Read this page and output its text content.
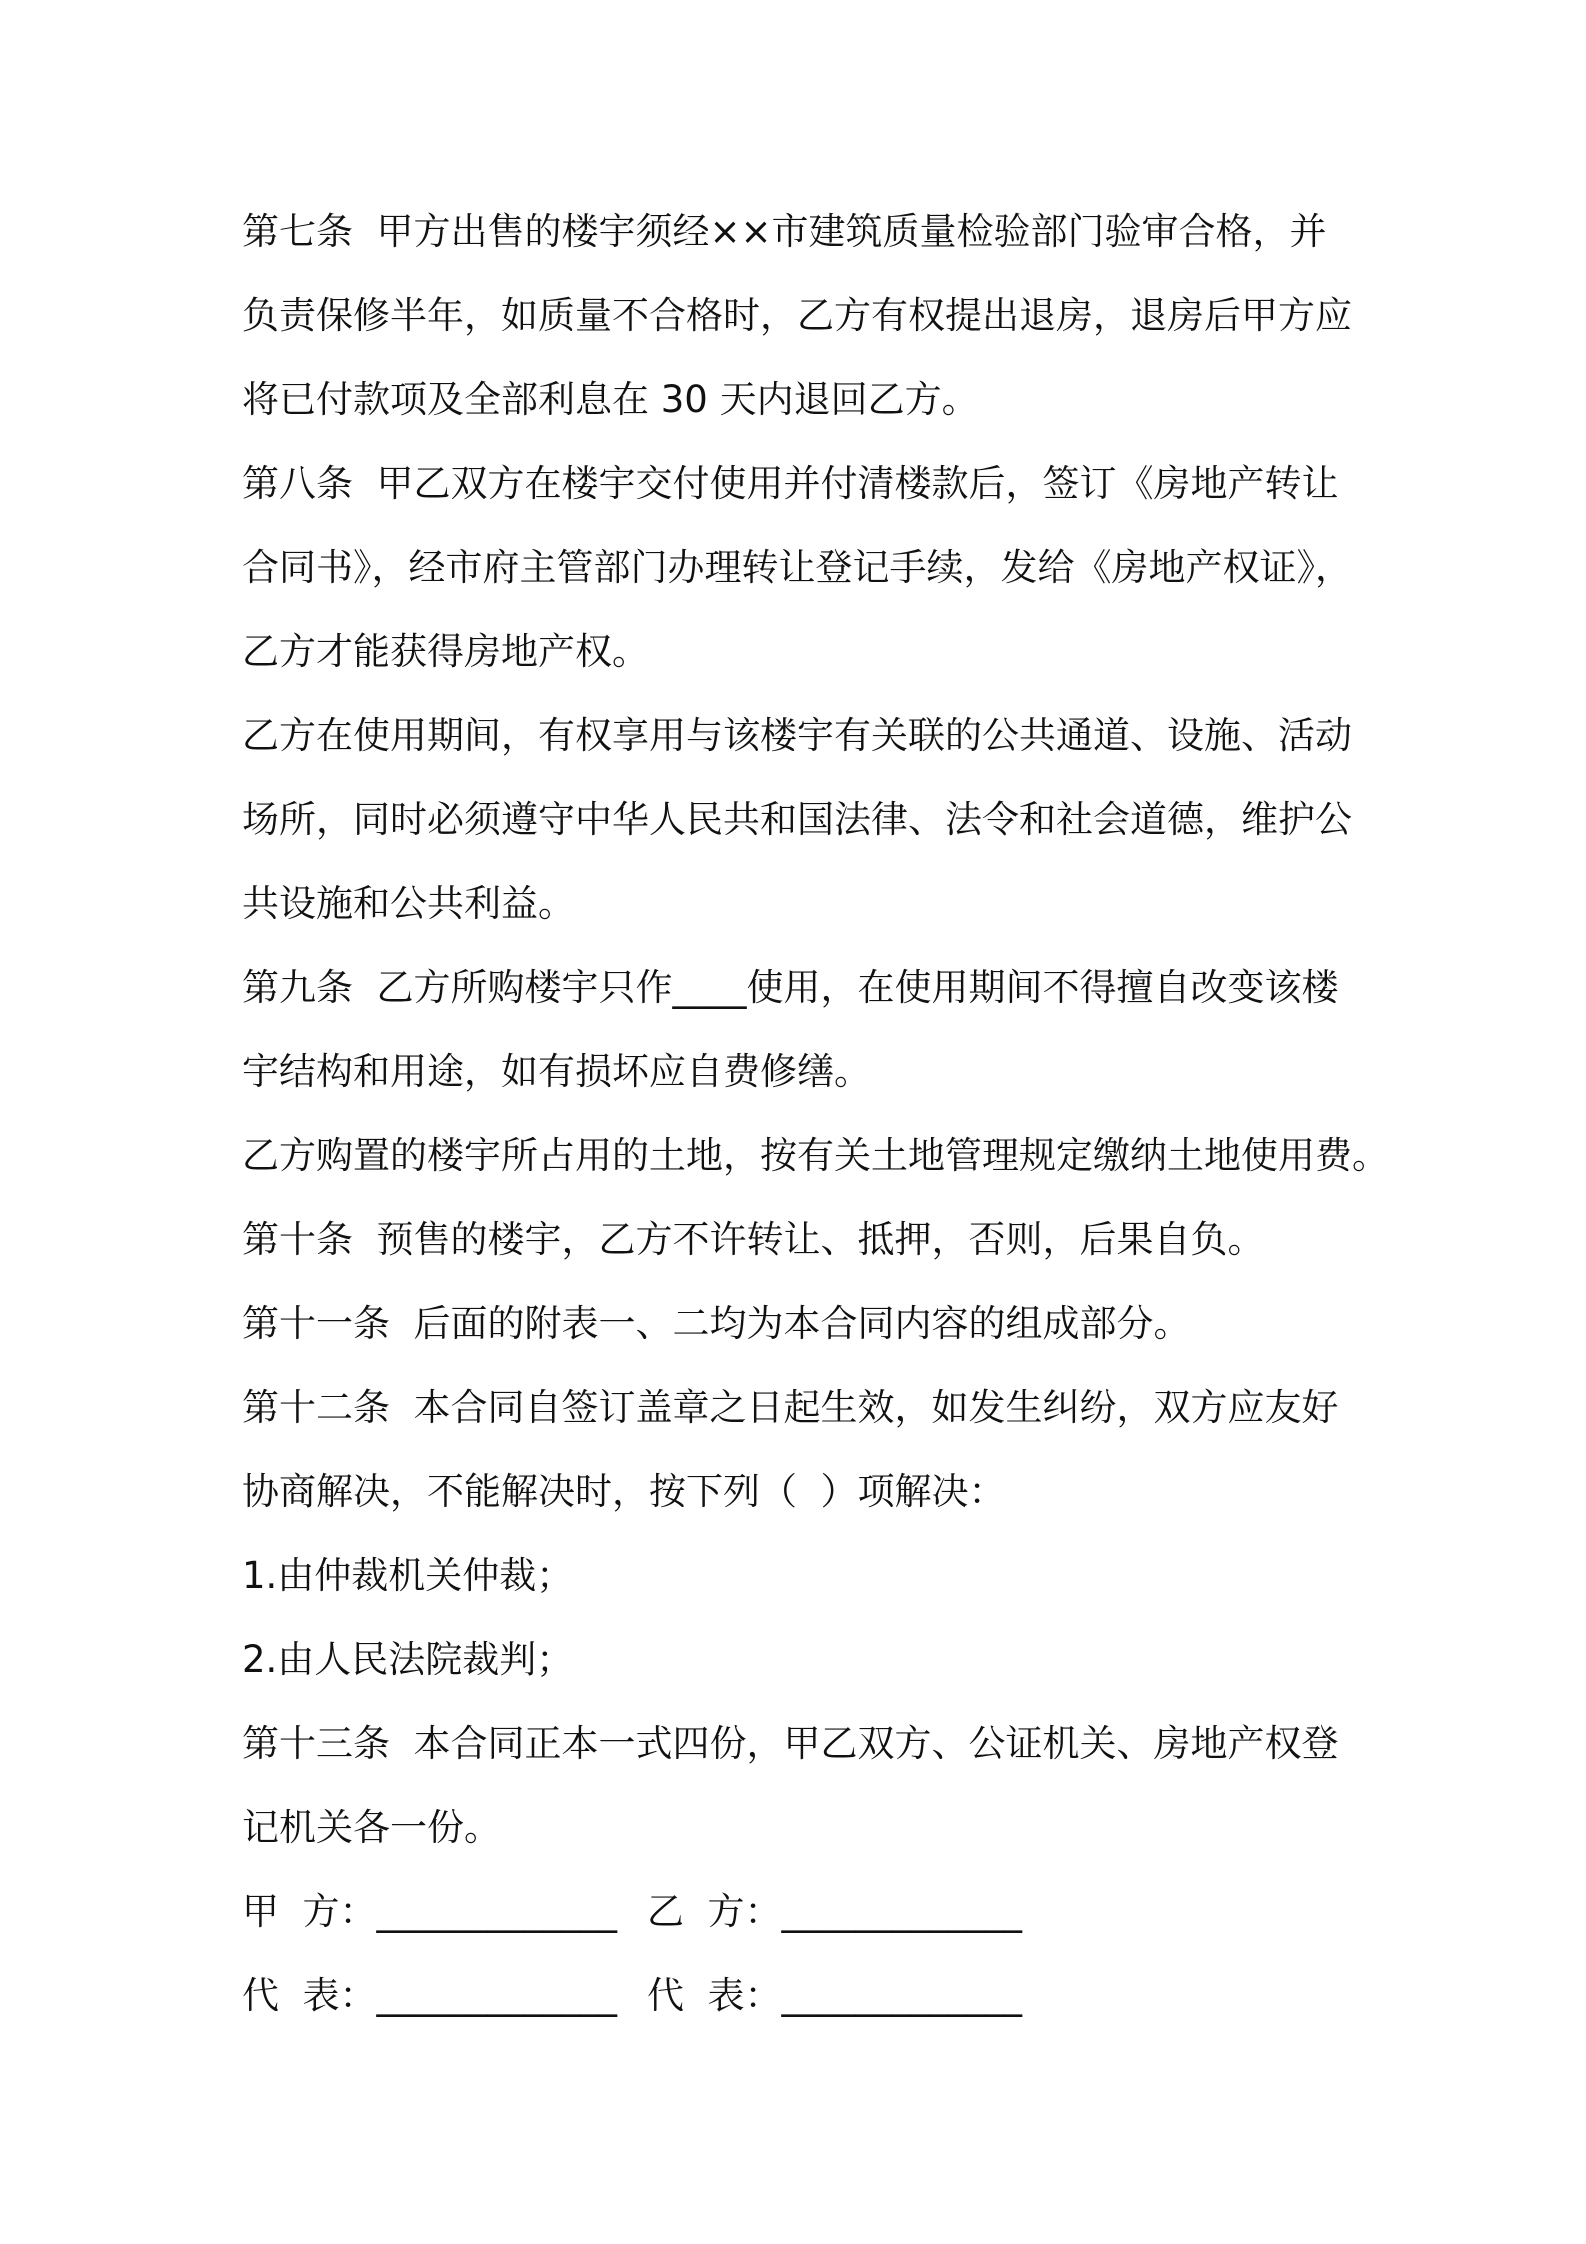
第七条  甲方出售的楼宇须经××市建筑质量检验部门验审合格，并
负责保修半年，如质量不合格时，乙方有权提出退房，退房后甲方应
将已付款项及全部利息在 30 天内退回乙方。
第八条  甲乙双方在楼宇交付使用并付清楼款后，签订《房地产转让
合同书》，经市府主管部门办理转让登记手续，发给《房地产权证》，
乙方才能获得房地产权。
乙方在使用期间，有权享用与该楼宇有关联的公共通道、设施、活动
场所，同时必须遵守中华人民共和国法律、法令和社会道德，维护公
共设施和公共利益。
第九条  乙方所购楼宇只作____使用，在使用期间不得擅自改变该楼
宇结构和用途，如有损坏应自费修缮。
乙方购置的楼宇所占用的土地，按有关土地管理规定缴纳土地使用费。
第十条  预售的楼宇，乙方不许转让、抵押，否则，后果自负。
第十一条  后面的附表一、二均为本合同内容的组成部分。
第十二条  本合同自签订盖章之日起生效，如发生纠纷，双方应友好
协商解决，不能解决时，按下列（  ）项解决：
1.由仲裁机关仲裁；
2.由人民法院裁判；
第十三条  本合同正本一式四份，甲乙双方、公证机关、房地产权登
记机关各一份。
甲  方：_____________ 乙  方：_____________
代  表：_____________ 代  表：_____________
